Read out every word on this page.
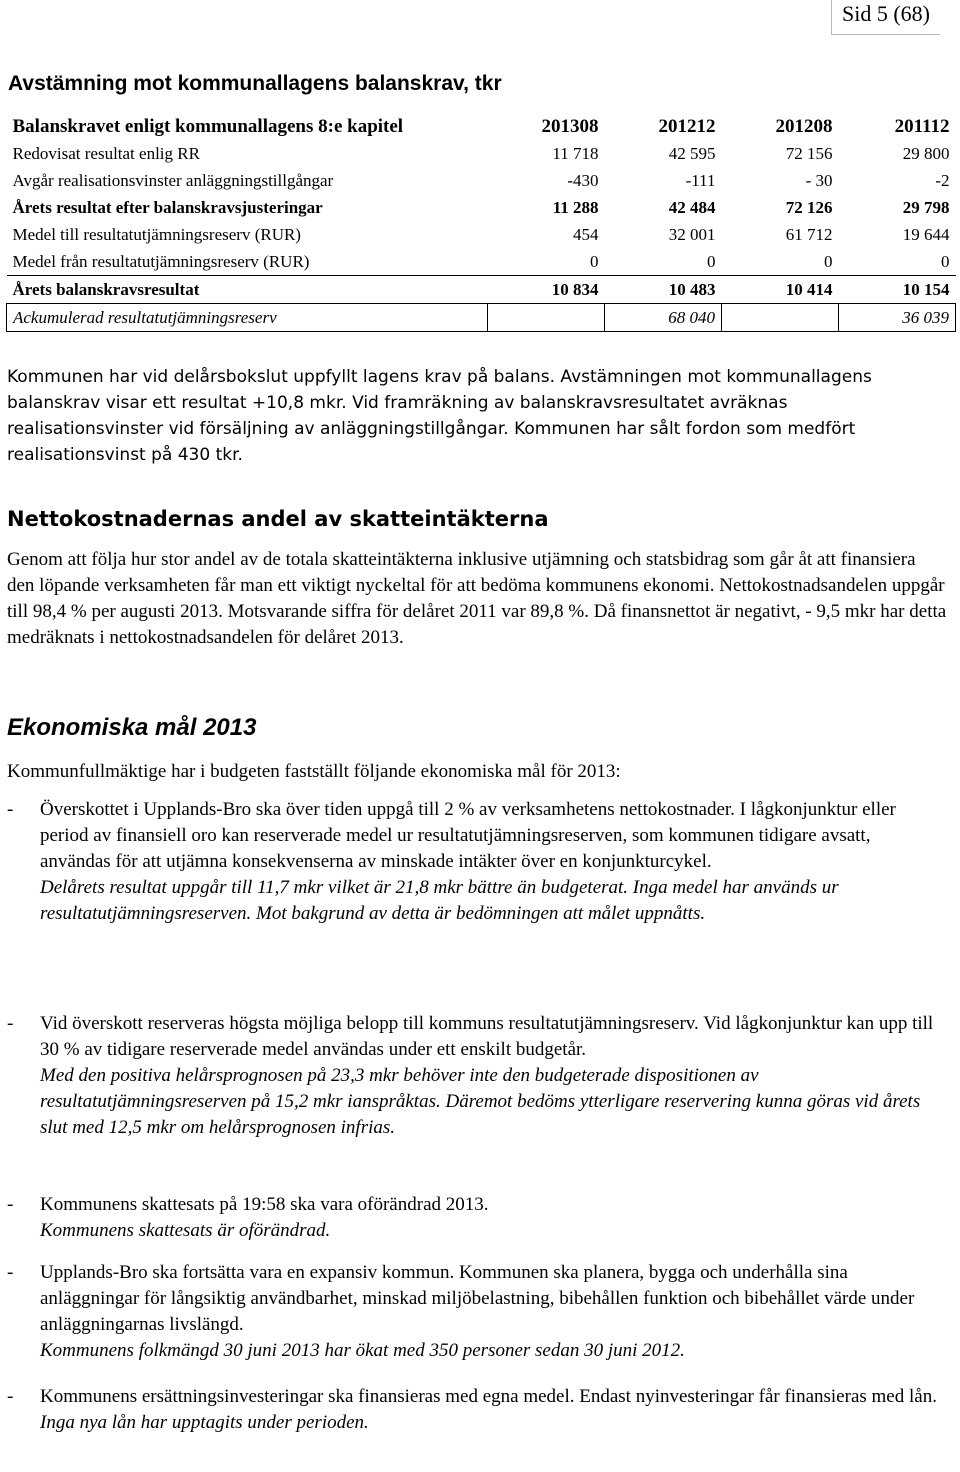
Sid 5 (68)
Avstämning mot kommunallagens balanskrav, tkr
Balanskravet enligt kommunallagens 8:e kapitel	201308	201212	201208	201112
Redovisat resultat enlig RR	11 718	42 595	72 156	29 800
Avgår realisationsvinster anläggningstillgångar	-430	-111	- 30	-2
Årets resultat efter balanskravsjusteringar	11 288	42 484	72 126	29 798
Medel till resultatutjämningsreserv (RUR)	454	32 001	61 712	19 644
Medel från resultatutjämningsreserv (RUR)	0	0	0	0
Årets balanskravsresultat	10 834	10 483	10 414	10 154
Ackumulerad resultatutjämningsreserv		68 040		36 039
Kommunen har vid delårsbokslut uppfyllt lagens krav på balans. Avstämningen mot kommunallagens balanskrav visar ett resultat +10,8 mkr. Vid framräkning av balanskravsresultatet avräknas realisationsvinster vid försäljning av anläggningstillgångar. Kommunen har sålt fordon som medfört realisationsvinst på 430 tkr.
Nettokostnadernas andel av skatteintäkterna
Genom att följa hur stor andel av de totala skatteintäkterna inklusive utjämning och statsbidrag som går åt att finansiera den löpande verksamheten får man ett viktigt nyckeltal för att bedöma kommunens ekonomi. Nettokostnadsandelen uppgår till 98,4 % per augusti 2013. Motsvarande siffra för delåret 2011 var 89,8 %. Då finansnettot är negativt, - 9,5 mkr har detta medräknats i nettokostnadsandelen för delåret 2013.
Ekonomiska mål 2013
Kommunfullmäktige har i budgeten fastställt följande ekonomiska mål för 2013:
- Överskottet i Upplands-Bro ska över tiden uppgå till 2 % av verksamhetens nettokostnader. I lågkonjunktur eller period av finansiell oro kan reserverade medel ur resultatutjämningsreserven, som kommunen tidigare avsatt, användas för att utjämna konsekvenserna av minskade intäkter över en konjunkturcykel.
Delårets resultat uppgår till 11,7 mkr vilket är 21,8 mkr bättre än budgeterat. Inga medel har används ur resultatutjämningsreserven. Mot bakgrund av detta är bedömningen att målet uppnåtts.
- Vid överskott reserveras högsta möjliga belopp till kommuns resultatutjämningsreserv. Vid lågkonjunktur kan upp till 30 % av tidigare reserverade medel användas under ett enskilt budgetår.
Med den positiva helårsprognosen på 23,3 mkr behöver inte den budgeterade dispositionen av resultatutjämningsreserven på 15,2 mkr ianspråktas. Däremot bedöms ytterligare reservering kunna göras vid årets slut med 12,5 mkr om helårsprognosen infrias.
- Kommunens skattesats på 19:58 ska vara oförändrad 2013.
Kommunens skattesats är oförändrad.
- Upplands-Bro ska fortsätta vara en expansiv kommun. Kommunen ska planera, bygga och underhålla sina anläggningar för långsiktig användbarhet, minskad miljöbelastning, bibehållen funktion och bibehållet värde under anläggningarnas livslängd.
Kommunens folkmängd 30 juni 2013 har ökat med 350 personer sedan 30 juni 2012.
- Kommunens ersättningsinvesteringar ska finansieras med egna medel. Endast nyinvesteringar får finansieras med lån.
Inga nya lån har upptagits under perioden.
